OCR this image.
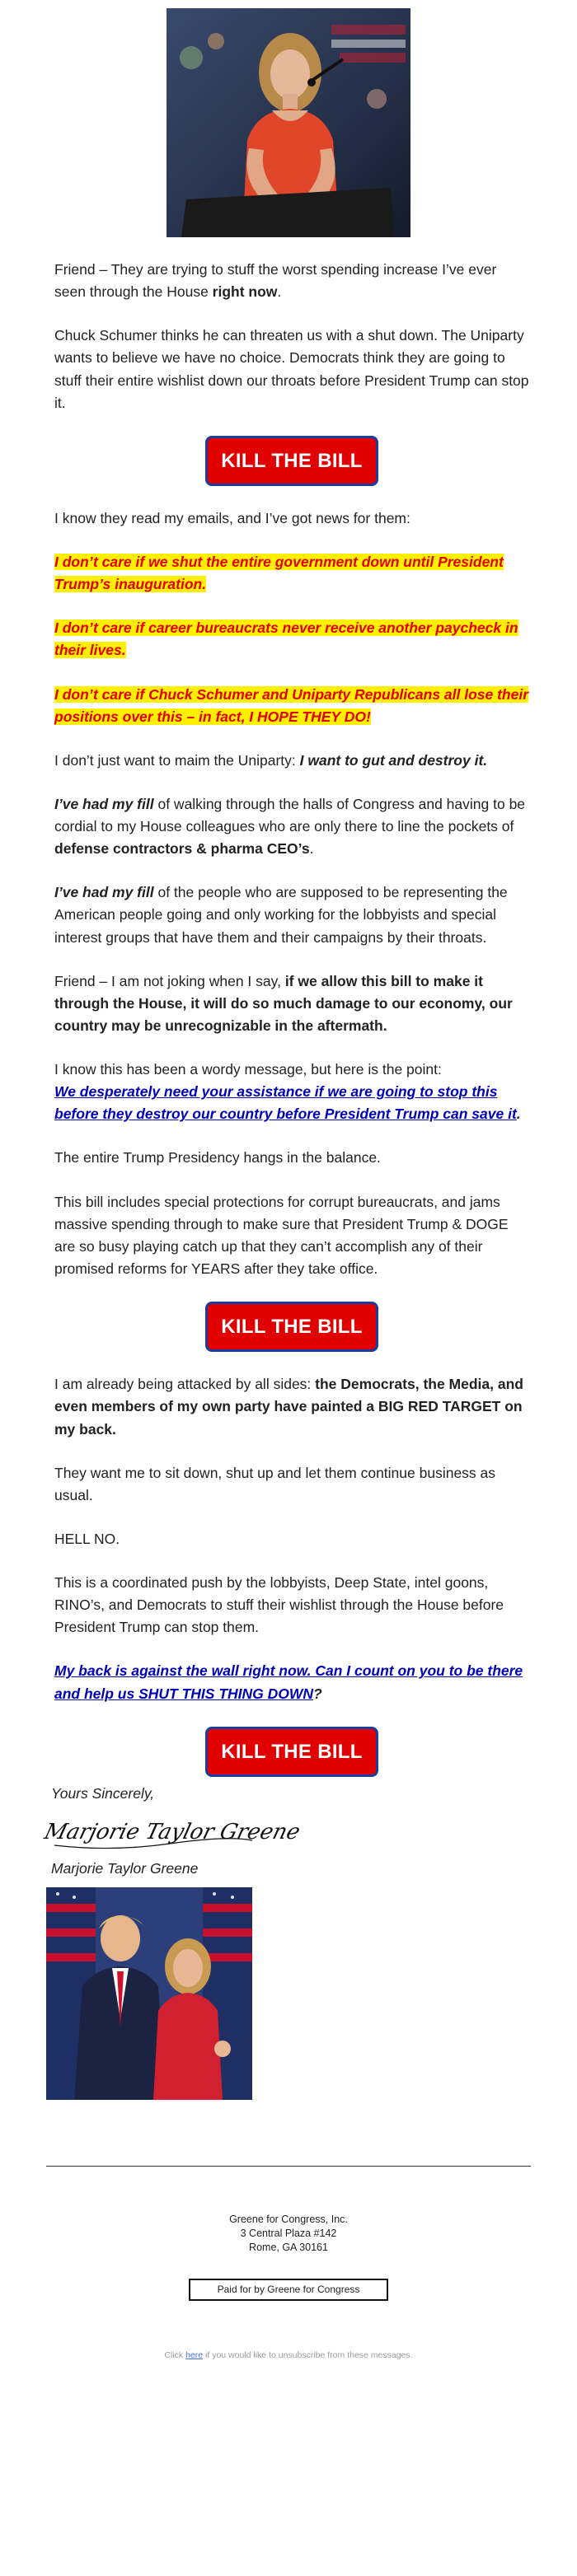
Friend – They are trying to stuff the worst spending increase I’ve ever seen through the House right now.

Chuck Schumer thinks he can threaten us with a shut down. The Uniparty wants to believe we have no choice. Democrats think they are going to stuff their entire wishlist down our throats before President Trump can stop it.

KILL THE BILL

I know they read my emails, and I’ve got news for them:

I don’t care if we shut the entire government down until President Trump’s inauguration.

I don’t care if career bureaucrats never receive another paycheck in their lives.

I don’t care if Chuck Schumer and Uniparty Republicans all lose their positions over this – in fact, I HOPE THEY DO!

I don’t just want to maim the Uniparty: I want to gut and destroy it.

I’ve had my fill of walking through the halls of Congress and having to be cordial to my House colleagues who are only there to line the pockets of defense contractors & pharma CEO’s.

I’ve had my fill of the people who are supposed to be representing the American people going and only working for the lobbyists and special interest groups that have them and their campaigns by their throats.

Friend – I am not joking when I say, if we allow this bill to make it through the House, it will do so much damage to our economy, our country may be unrecognizable in the aftermath.

I know this has been a wordy message, but here is the point:
We desperately need your assistance if we are going to stop this before they destroy our country before President Trump can save it.

The entire Trump Presidency hangs in the balance.

This bill includes special protections for corrupt bureaucrats, and jams massive spending through to make sure that President Trump & DOGE are so busy playing catch up that they can’t accomplish any of their promised reforms for YEARS after they take office.

KILL THE BILL

I am already being attacked by all sides: the Democrats, the Media, and even members of my own party have painted a BIG RED TARGET on my back.

They want me to sit down, shut up and let them continue business as usual.

HELL NO.

This is a coordinated push by the lobbyists, Deep State, intel goons, RINO’s, and Democrats to stuff their wishlist through the House before President Trump can stop them.

My back is against the wall right now. Can I count on you to be there and help us SHUT THIS THING DOWN?

KILL THE BILL
Yours Sincerely,
Marjorie Taylor Greene
Marjorie Taylor Greene
Greene for Congress, Inc.
3 Central Plaza #142
Rome, GA 30161
Paid for by Greene for Congress
Click here if you would like to unsubscribe from these messages.
